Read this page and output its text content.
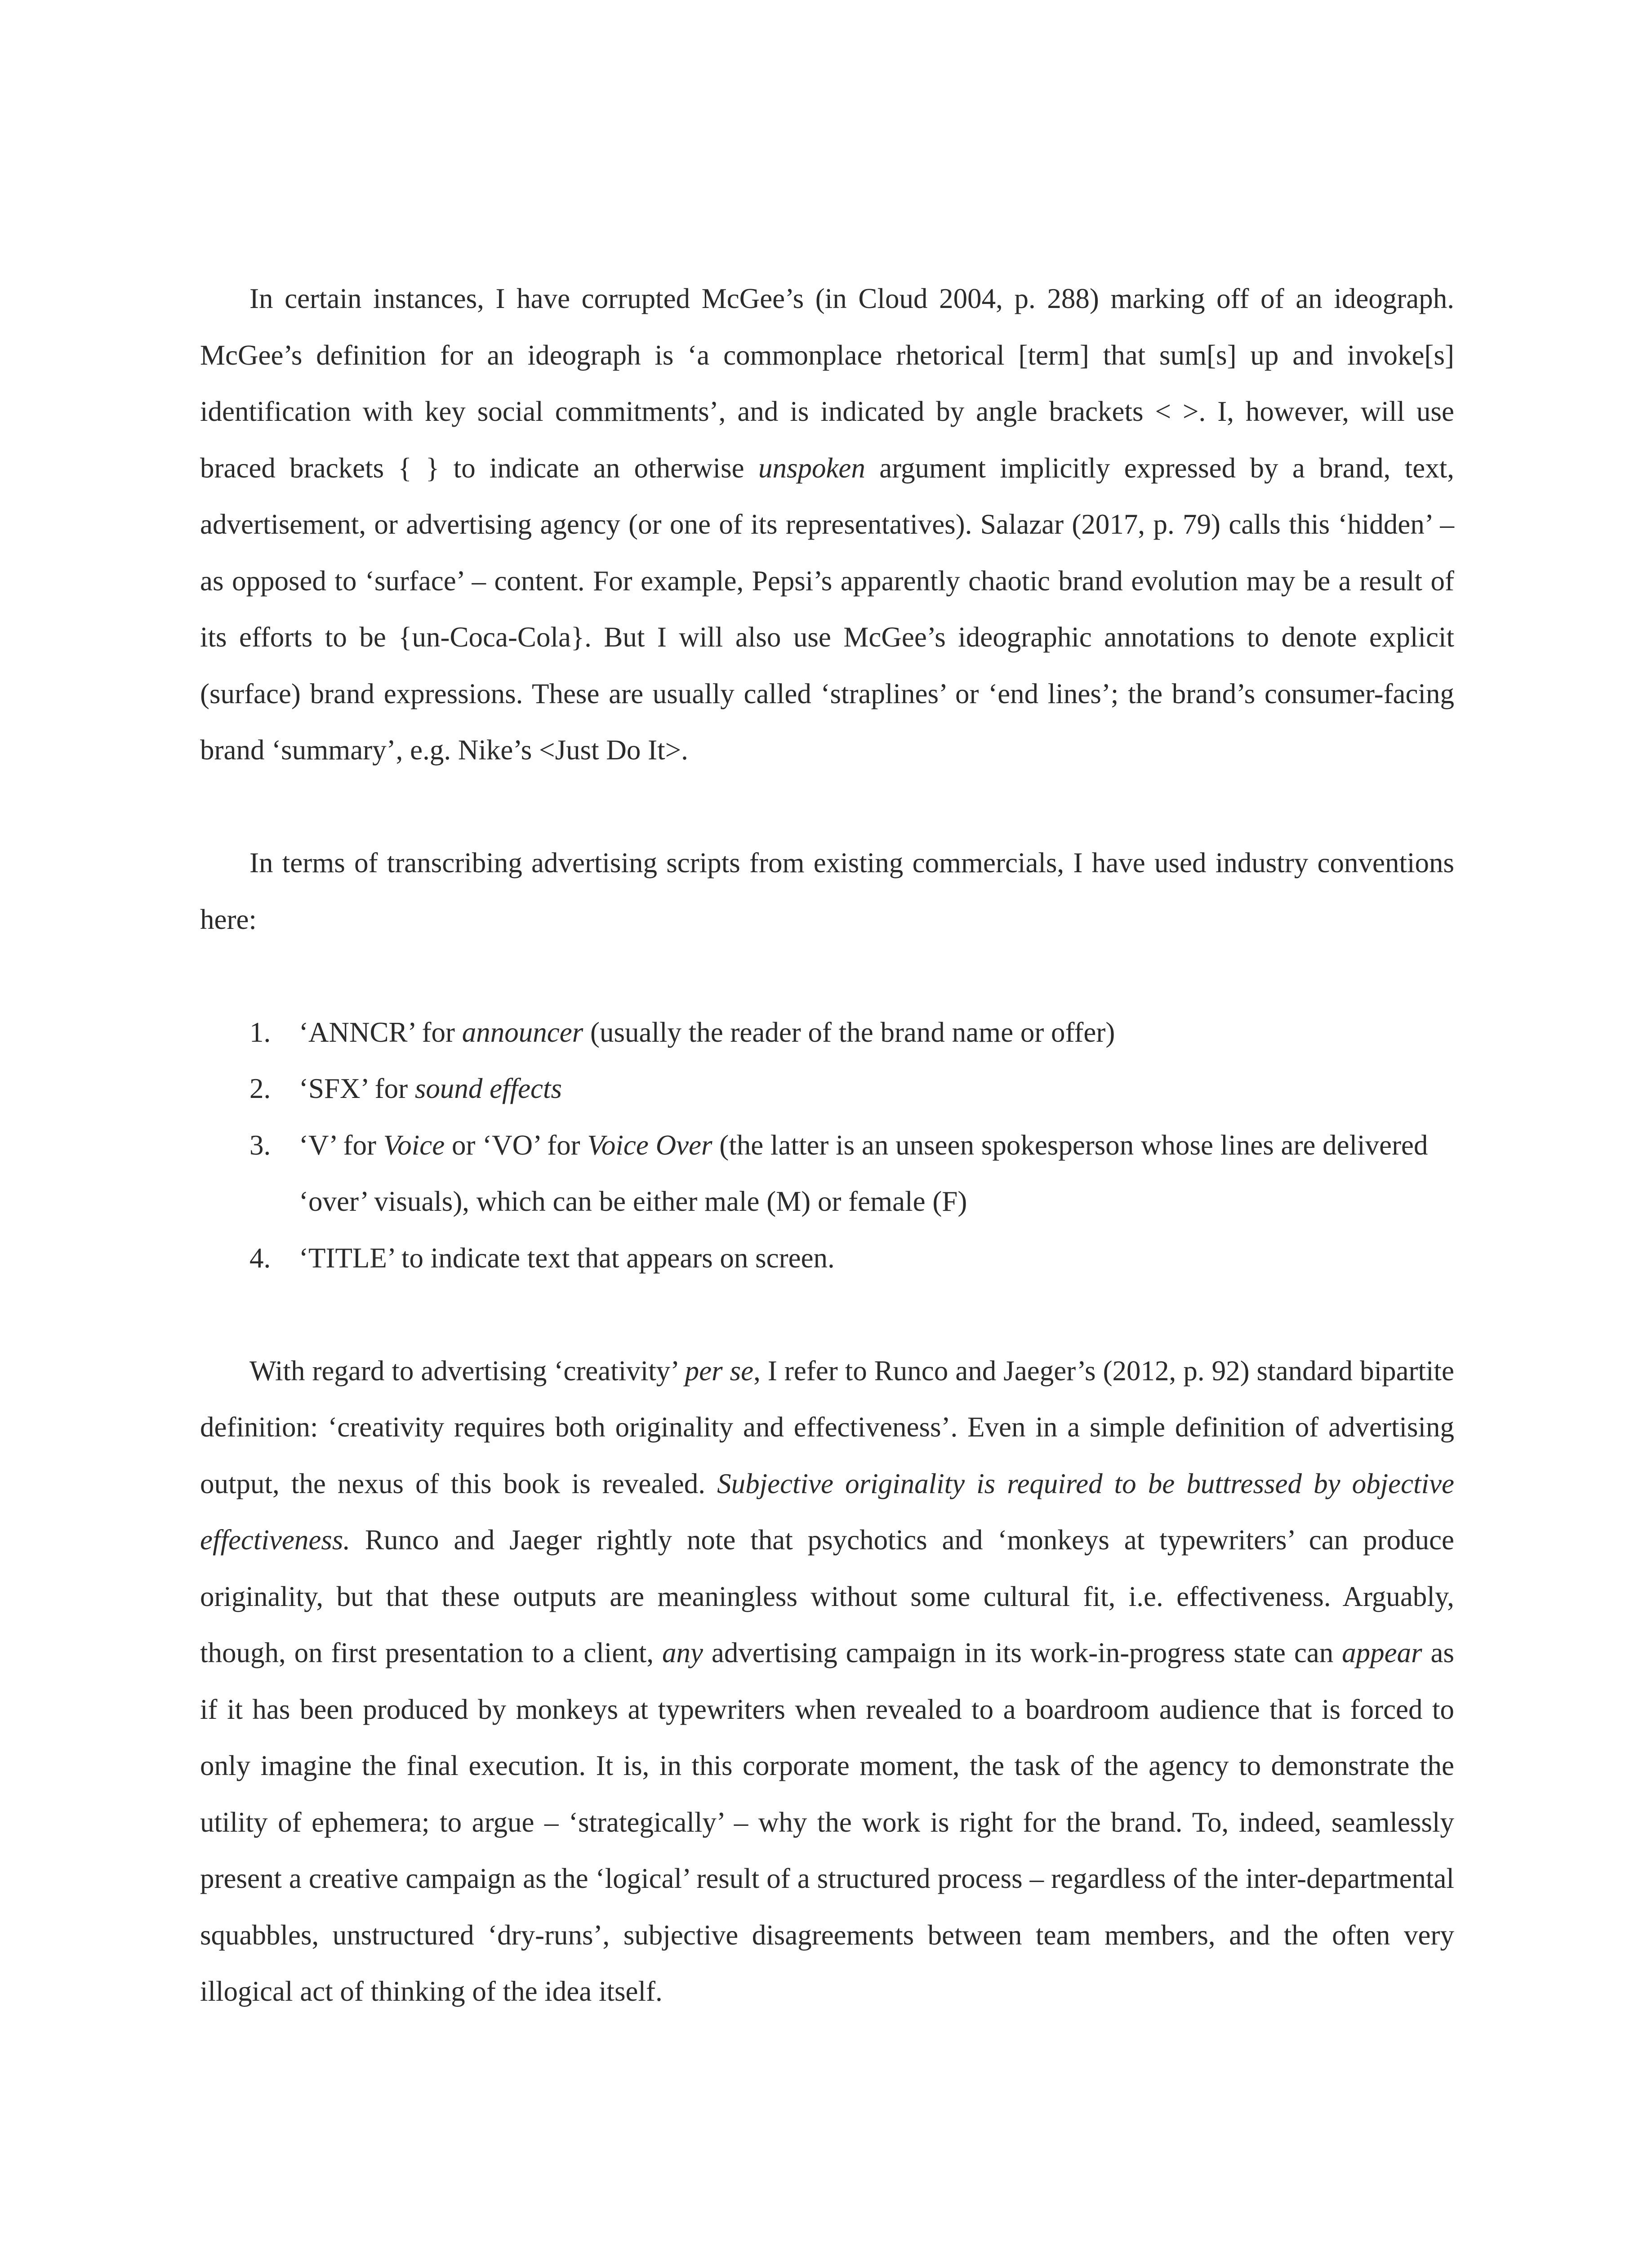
In certain instances, I have corrupted McGee’s (in Cloud 2004, p. 288) marking off of an ideograph. McGee’s definition for an ideograph is ‘a commonplace rhetorical [term] that sum[s] up and invoke[s] identification with key social commitments’, and is indicated by angle brackets < >. I, however, will use braced brackets { } to indicate an otherwise unspoken argument implicitly expressed by a brand, text, advertisement, or advertising agency (or one of its representatives). Salazar (2017, p. 79) calls this ‘hidden’ – as opposed to ‘surface’ – content. For example, Pepsi’s apparently chaotic brand evolution may be a result of its efforts to be {un-Coca-Cola}. But I will also use McGee’s ideographic annotations to denote explicit (surface) brand expressions. These are usually called ‘straplines’ or ‘end lines’; the brand’s consumer-facing brand ‘summary’, e.g. Nike’s <Just Do It>.

In terms of transcribing advertising scripts from existing commercials, I have used industry conventions here:

1. ‘ANNCR’ for announcer (usually the reader of the brand name or offer)
2. ‘SFX’ for sound effects
3. ‘V’ for Voice or ‘VO’ for Voice Over (the latter is an unseen spokesperson whose lines are delivered ‘over’ visuals), which can be either male (M) or female (F)
4. ‘TITLE’ to indicate text that appears on screen.

With regard to advertising ‘creativity’ per se, I refer to Runco and Jaeger’s (2012, p. 92) standard bipartite definition: ‘creativity requires both originality and effectiveness’. Even in a simple definition of advertising output, the nexus of this book is revealed. Subjective originality is required to be buttressed by objective effectiveness. Runco and Jaeger rightly note that psychotics and ‘monkeys at typewriters’ can produce originality, but that these outputs are meaningless without some cultural fit, i.e. effectiveness. Arguably, though, on first presentation to a client, any advertising campaign in its work-in-progress state can appear as if it has been produced by monkeys at typewriters when revealed to a boardroom audience that is forced to only imagine the final execution. It is, in this corporate moment, the task of the agency to demonstrate the utility of ephemera; to argue – ‘strategically’ – why the work is right for the brand. To, indeed, seamlessly present a creative campaign as the ‘logical’ result of a structured process – regardless of the inter-departmental squabbles, unstructured ‘dry-runs’, subjective disagreements between team members, and the often very illogical act of thinking of the idea itself.
